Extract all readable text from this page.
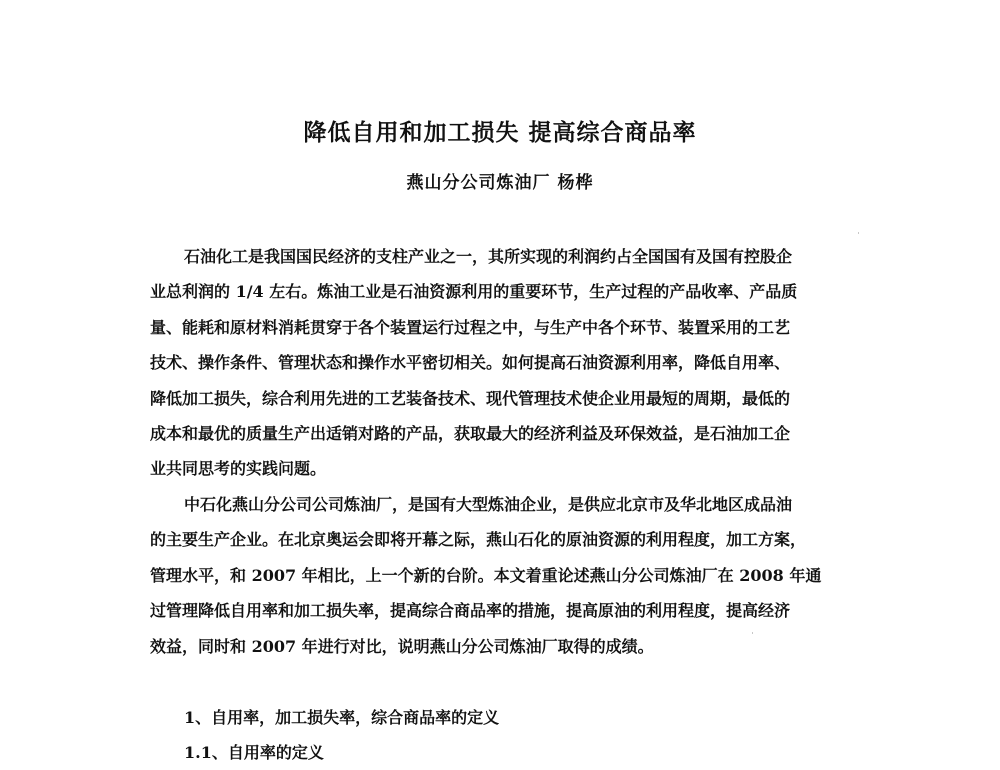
降低自用和加工损失 提高综合商品率

燕山分公司炼油厂 杨桦

石油化工是我国国民经济的支柱产业之一，其所实现的利润约占全国国有及国有控股企
业总利润的 1/4 左右。炼油工业是石油资源利用的重要环节，生产过程的产品收率、产品质
量、能耗和原材料消耗贯穿于各个装置运行过程之中，与生产中各个环节、装置采用的工艺
技术、操作条件、管理状态和操作水平密切相关。如何提高石油资源利用率，降低自用率、
降低加工损失，综合利用先进的工艺装备技术、现代管理技术使企业用最短的周期，最低的
成本和最优的质量生产出适销对路的产品，获取最大的经济利益及环保效益，是石油加工企
业共同思考的实践问题。
中石化燕山分公司公司炼油厂，是国有大型炼油企业，是供应北京市及华北地区成品油
的主要生产企业。在北京奥运会即将开幕之际，燕山石化的原油资源的利用程度，加工方案，
管理水平，和 2007 年相比，上一个新的台阶。本文着重论述燕山分公司炼油厂在 2008 年通
过管理降低自用率和加工损失率，提高综合商品率的措施，提高原油的利用程度，提高经济
效益，同时和 2007 年进行对比，说明燕山分公司炼油厂取得的成绩。
1、自用率，加工损失率，综合商品率的定义
1.1、自用率的定义
